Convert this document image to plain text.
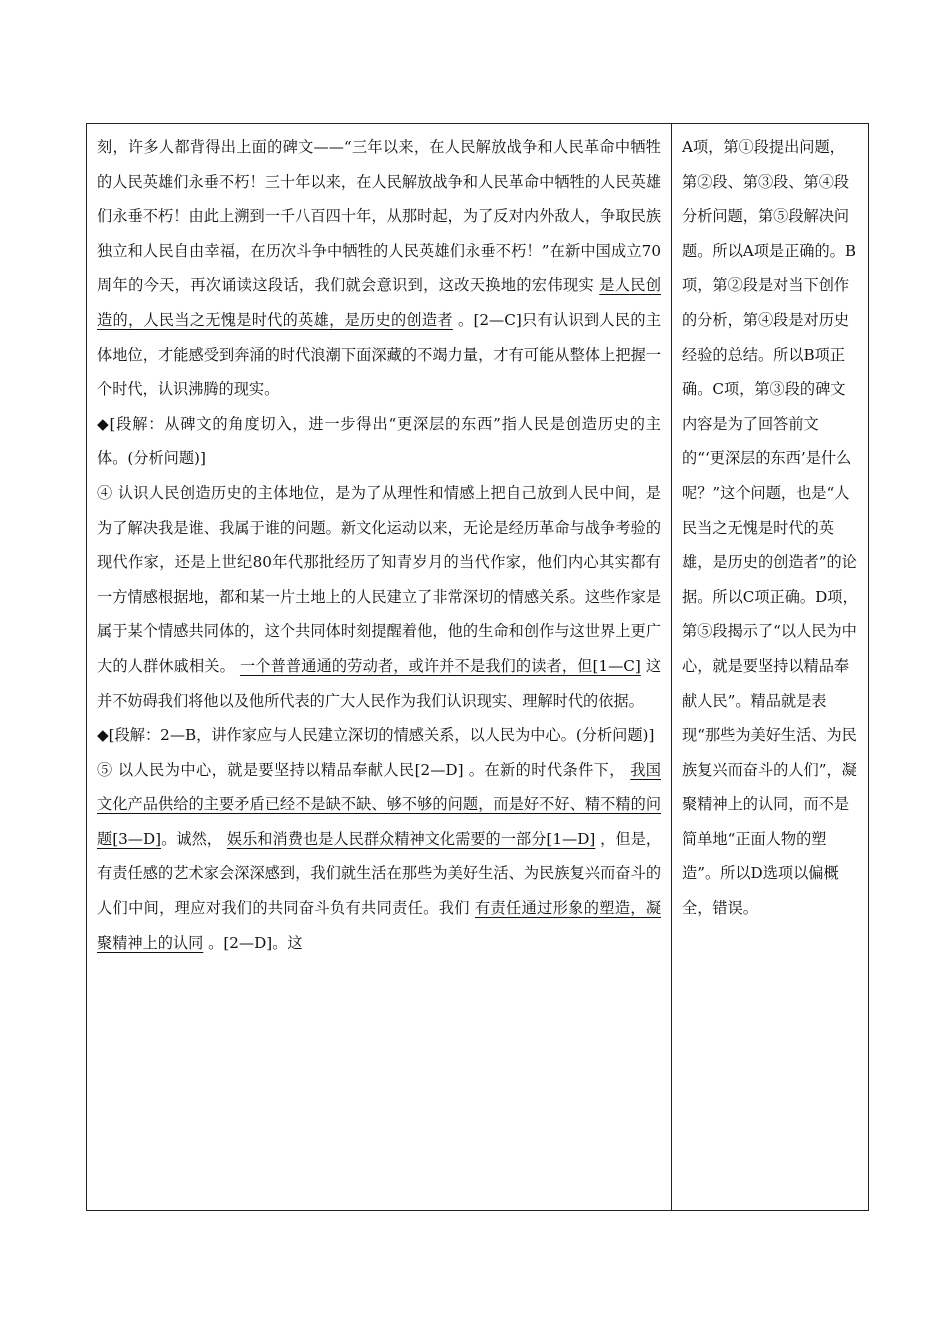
刻，许多人都背得出上面的碑文——“三年以来，在人民解放战争和人民革命中牺牲的人民英雄们永垂不朽！三十年以来，在人民解放战争和人民革命中牺牲的人民英雄们永垂不朽！由此上溯到一千八百四十年，从那时起，为了反对内外敌人，争取民族独立和人民自由幸福，在历次斗争中牺牲的人民英雄们永垂不朽！”在新中国成立70周年的今天，再次诵读这段话，我们就会意识到，这改天换地的宏伟现实 是人民创造的，人民当之无愧是时代的英雄，是历史的创造者 。[2—C]只有认识到人民的主体地位，才能感受到奔涌的时代浪潮下面深藏的不竭力量，才有可能从整体上把握一个时代，认识沸腾的现实。

◆[段解：从碑文的角度切入，进一步得出“更深层的东西”指人民是创造历史的主体。(分析问题)]

④ 认识人民创造历史的主体地位，是为了从理性和情感上把自己放到人民中间，是为了解决我是谁、我属于谁的问题。新文化运动以来，无论是经历革命与战争考验的现代作家，还是上世纪80年代那批经历了知青岁月的当代作家，他们内心其实都有一方情感根据地，都和某一片土地上的人民建立了非常深切的情感关系。这些作家是属于某个情感共同体的，这个共同体时刻提醒着他，他的生命和创作与这世界上更广大的人群休戚相关。 一个普普通通的劳动者，或许并不是我们的读者，但[1—C] 这并不妨碍我们将他以及他所代表的广大人民作为我们认识现实、理解时代的依据。

◆[段解：2—B，讲作家应与人民建立深切的情感关系，以人民为中心。(分析问题)]

⑤ 以人民为中心，就是要坚持以精品奉献人民[2—D] 。在新的时代条件下， 我国文化产品供给的主要矛盾已经不是缺不缺、够不够的问题，而是好不好、精不精的问题[3—D]。诚然， 娱乐和消费也是人民群众精神文化需要的一部分[1—D] ，但是，有责任感的艺术家会深深感到，我们就生活在那些为美好生活、为民族复兴而奋斗的人们中间，理应对我们的共同奋斗负有共同责任。我们 有责任通过形象的塑造，凝聚精神上的认同 。[2—D]。这

A项，第①段提出问题，第②段、第③段、第④段分析问题，第⑤段解决问题。所以A项是正确的。B项，第②段是对当下创作的分析，第④段是对历史经验的总结。所以B项正确。C项，第③段的碑文内容是为了回答前文的“‘更深层的东西’是什么呢？”这个问题，也是“人民当之无愧是时代的英雄，是历史的创造者”的论据。所以C项正确。D项，第⑤段揭示了“以人民为中心，就是要坚持以精品奉献人民”。精品就是表现“那些为美好生活、为民族复兴而奋斗的人们”，凝聚精神上的认同，而不是简单地“正面人物的塑造”。所以D选项以偏概全，错误。
